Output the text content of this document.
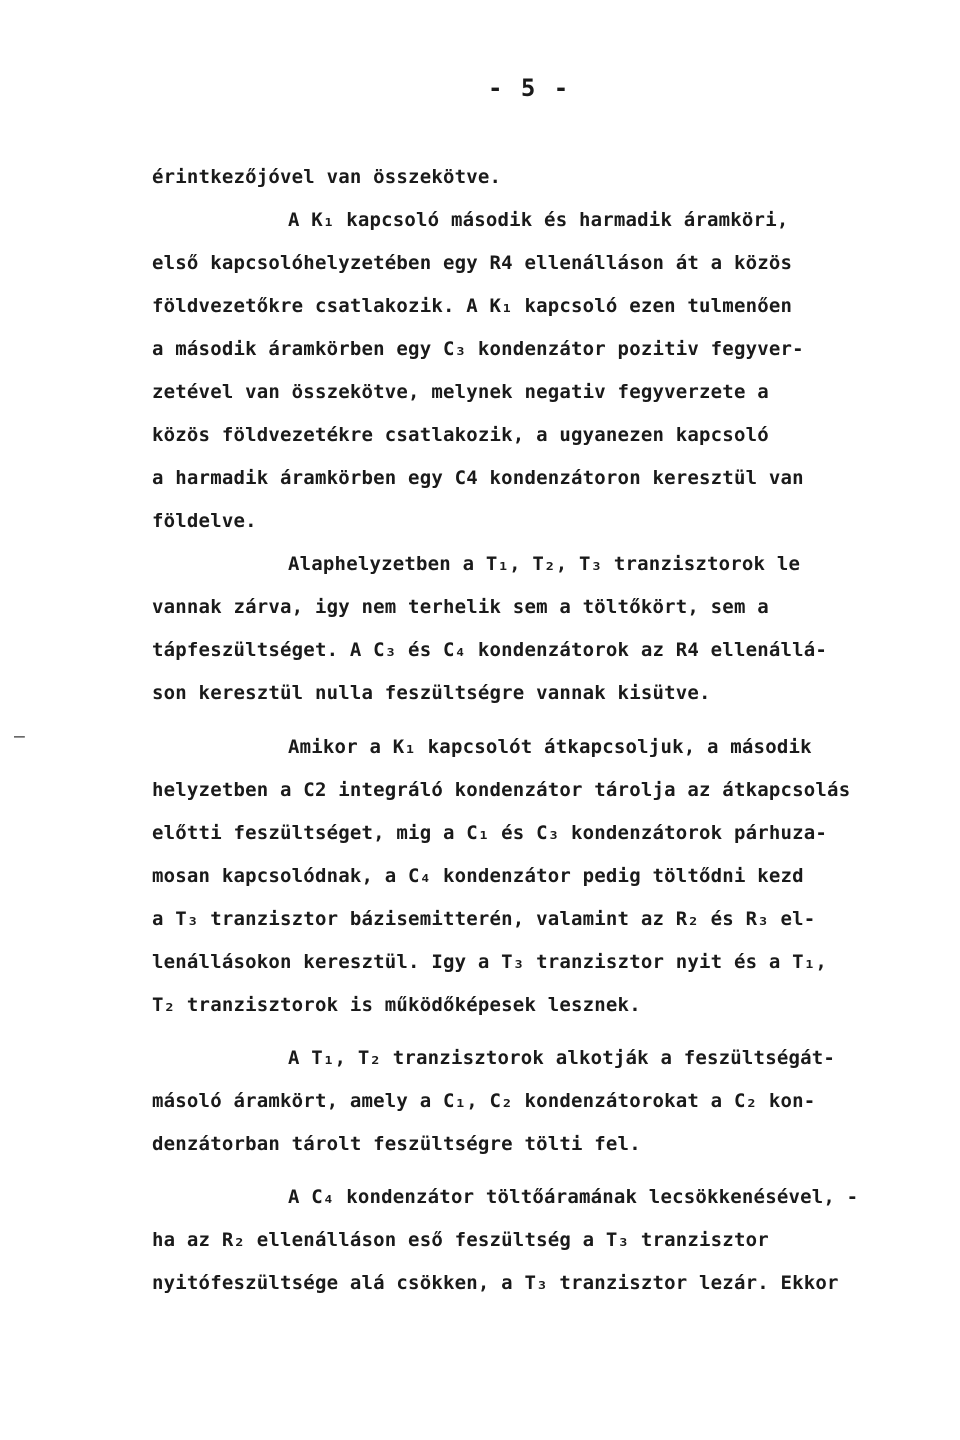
- 5 -
–
érintkezőjóvel van összekötve.
A K₁ kapcsoló második és harmadik áramköri,
első kapcsolóhelyzetében egy R4 ellenálláson át a közös
földvezetőkre csatlakozik. A K₁ kapcsoló ezen tulmenően
a második áramkörben egy C₃ kondenzátor pozitiv fegyver-
zetével van összekötve, melynek negativ fegyverzete a
közös földvezetékre csatlakozik, a ugyanezen kapcsoló
a harmadik áramkörben egy C4 kondenzátoron keresztül van
földelve.
Alaphelyzetben a T₁, T₂, T₃ tranzisztorok le
vannak zárva, igy nem terhelik sem a töltőkört, sem a
tápfeszültséget. A C₃ és C₄ kondenzátorok az R4 ellenállá-
son keresztül nulla feszültségre vannak kisütve.
Amikor a K₁ kapcsolót átkapcsoljuk, a második
helyzetben a C2 integráló kondenzátor tárolja az átkapcsolás
előtti feszültséget, mig a C₁ és C₃ kondenzátorok párhuza-
mosan kapcsolódnak, a C₄ kondenzátor pedig töltődni kezd
a T₃ tranzisztor bázisemitterén, valamint az R₂ és R₃ el-
lenállásokon keresztül. Igy a T₃ tranzisztor nyit és a T₁,
T₂ tranzisztorok is működőképesek lesznek.
A T₁, T₂ tranzisztorok alkotják a feszültségát-
másoló áramkört, amely a C₁, C₂ kondenzátorokat a C₂ kon-
denzátorban tárolt feszültségre tölti fel.
A C₄ kondenzátor töltőáramának lecsökkenésével, -
ha az R₂ ellenálláson eső feszültség a T₃ tranzisztor
nyitófeszültsége alá csökken, a T₃ tranzisztor lezár. Ekkor
